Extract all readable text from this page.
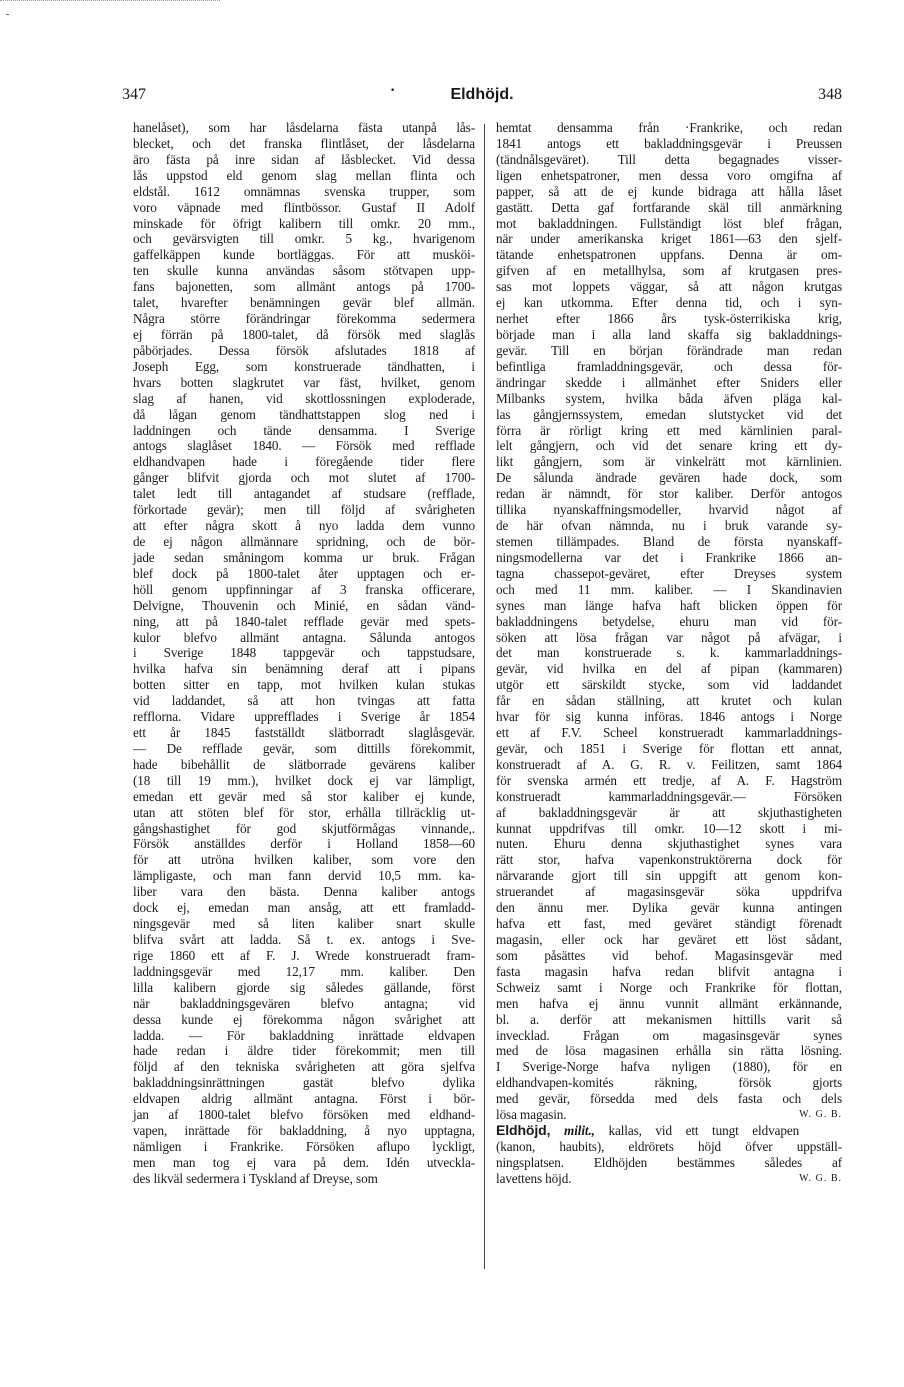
347	·	Eldhöjd.	348
hanelåset), som har låsdelarna fästa utanpå lås-
blecket, och det franska flintlåset, der låsdelarna
äro fästa på inre sidan af låsblecket. Vid dessa
lås uppstod eld genom slag mellan flinta och
eldstål. 1612 omnämnas svenska trupper, som
voro väpnade med flintbössor. Gustaf II Adolf
minskade för öfrigt kalibern till omkr. 20 mm.,
och gevärsvigten till omkr. 5 kg., hvarigenom
gaffelkäppen kunde bortläggas. För att musköi-
ten skulle kunna användas såsom stötvapen upp-
fans bajonetten, som allmänt antogs på 1700-
talet, hvarefter benämningen gevär blef allmän.
Några större förändringar förekomma sedermera
ej förrän på 1800-talet, då försök med slaglås
påbörjades. Dessa försök afslutades 1818 af
Joseph Egg, som konstruerade tändhatten, i
hvars botten slagkrutet var fäst, hvilket, genom
slag af hanen, vid skottlossningen exploderade,
då lågan genom tändhattstappen slog ned i
laddningen och tände densamma. I Sverige
antogs slaglåset 1840. — Försök med refflade
eldhandvapen hade i föregående tider flere
gånger blifvit gjorda och mot slutet af 1700-
talet ledt till antagandet af studsare (refflade,
förkortade gevär); men till följd af svårigheten
att efter några skott å nyo ladda dem vunno
de ej någon allmännare spridning, och de bör-
jade sedan småningom komma ur bruk. Frågan
blef dock på 1800-talet åter upptagen och er-
höll genom uppfinningar af 3 franska officerare,
Delvigne, Thouvenin och Minié, en sådan vänd-
ning, att på 1840-talet refflade gevär med spets-
kulor blefvo allmänt antagna. Sålunda antogos
i Sverige 1848 tappgevär och tappstudsare,
hvilka hafva sin benämning deraf att i pipans
botten sitter en tapp, mot hvilken kulan stukas
vid laddandet, så att hon tvingas att fatta
refflorna. Vidare upprefflades i Sverige år 1854
ett år 1845 fastställdt slätborradt slaglåsgevär.
— De refflade gevär, som dittills förekommit,
hade bibehållit de slätborrade gevärens kaliber
(18 till 19 mm.), hvilket dock ej var lämpligt,
emedan ett gevär med så stor kaliber ej kunde,
utan att stöten blef för stor, erhålla tillräcklig ut-
gångshastighet för god skjutförmågas vinnande,.
Försök anställdes derför i Holland 1858—60
för att utröna hvilken kaliber, som vore den
lämpligaste, och man fann dervid 10,5 mm. ka-
liber vara den bästa. Denna kaliber antogs
dock ej, emedan man ansåg, att ett framladd-
ningsgevär med så liten kaliber snart skulle
blifva svårt att ladda. Så t. ex. antogs i Sve-
rige 1860 ett af F. J. Wrede konstrueradt fram-
laddningsgevär med 12,17 mm. kaliber. Den
lilla kalibern gjorde sig således gällande, först
när bakladdningsgevären blefvo antagna; vid
dessa kunde ej förekomma någon svårighet att
ladda. — För bakladdning inrättade eldvapen
hade redan i äldre tider förekommit; men till
följd af den tekniska svårigheten att göra sjelfva
bakladdningsinrättningen gastät blefvo dylika
eldvapen aldrig allmänt antagna. Först i bör-
jan af 1800-talet blefvo försöken med eldhand-
vapen, inrättade för bakladdning, å nyo upptagna,
nämligen i Frankrike. Försöken aflupo lyckligt,
men man tog ej vara på dem. Idén utveckla-
des likväl sedermera i Tyskland af Dreyse, som
hemtat densamma från ·Frankrike, och redan
1841 antogs ett bakladdningsgevär i Preussen
(tändnålsgeväret). Till detta begagnades visser-
ligen enhetspatroner, men dessa voro omgifna af
papper, så att de ej kunde bidraga att hålla låset
gastätt. Detta gaf fortfarande skäl till anmärkning
mot bakladdningen. Fullständigt löst blef frågan,
när under amerikanska kriget 1861—63 den sjelf-
tätande enhetspatronen uppfans. Denna är om-
gifven af en metallhylsa, som af krutgasen pres-
sas mot loppets väggar, så att någon krutgas
ej kan utkomma. Efter denna tid, och i syn-
nerhet efter 1866 års tysk-österrikiska krig,
började man i alla land skaffa sig bakladdnings-
gevär. Till en början förändrade man redan
befintliga framladdningsgevär, och dessa för-
ändringar skedde i allmänhet efter Sniders eller
Milbanks system, hvilka båda äfven pläga kal-
las gångjernssystem, emedan slutstycket vid det
förra är rörligt kring ett med kärnlinien paral-
lelt gångjern, och vid det senare kring ett dy-
likt gångjern, som är vinkelrätt mot kärnlinien.
De sålunda ändrade gevären hade dock, som
redan är nämndt, för stor kaliber. Derför antogos
tillika nyanskaffningsmodeller, hvarvid något af
de här ofvan nämnda, nu i bruk varande sy-
stemen tillämpades. Bland de första nyanskaff-
ningsmodellerna var det i Frankrike 1866 an-
tagna chassepot-geväret, efter Dreyses system
och med 11 mm. kaliber. — I Skandinavien
synes man länge hafva haft blicken öppen för
bakladdningens betydelse, ehuru man vid för-
söken att lösa frågan var något på afvägar, i
det man konstruerade s. k. kammarladdnings-
gevär, vid hvilka en del af pipan (kammaren)
utgör ett särskildt stycke, som vid laddandet
får en sådan ställning, att krutet och kulan
hvar för sig kunna införas. 1846 antogs i Norge
ett af F.V. Scheel konstrueradt kammarladdnings-
gevär, och 1851 i Sverige för flottan ett annat,
konstrueradt af A. G. R. v. Feilitzen, samt 1864
för svenska armén ett tredje, af A. F. Hagström
konstrueradt kammarladdningsgevär.— Försöken
af bakladdningsgevär är att skjuthastigheten
kunnat uppdrifvas till omkr. 10—12 skott i mi-
nuten. Ehuru denna skjuthastighet synes vara
rätt stor, hafva vapenkonstruktörerna dock för
närvarande gjort till sin uppgift att genom kon-
struerandet af magasinsgevär söka uppdrifva
den ännu mer. Dylika gevär kunna antingen
hafva ett fast, med geväret ständigt förenadt
magasin, eller ock har geväret ett löst sådant,
som påsättes vid behof. Magasinsgevär med
fasta magasin hafva redan blifvit antagna i
Schweiz samt i Norge och Frankrike för flottan,
men hafva ej ännu vunnit allmänt erkännande,
bl. a. derför att mekanismen hittills varit så
invecklad. Frågan om magasinsgevär synes
med de lösa magasinen erhålla sin rätta lösning.
I Sverige-Norge hafva nyligen (1880), för en
eldhandvapen-komités räkning, försök gjorts
med gevär, försedda med dels fasta och dels
lösa magasin.	W. G. B.
Eldhöjd, milit., kallas, vid ett tungt eldvapen
(kanon, haubits), eldrörets höjd öfver uppställ-
ningsplatsen. Eldhöjden bestämmes således af
lavettens höjd.	W. G. B.
